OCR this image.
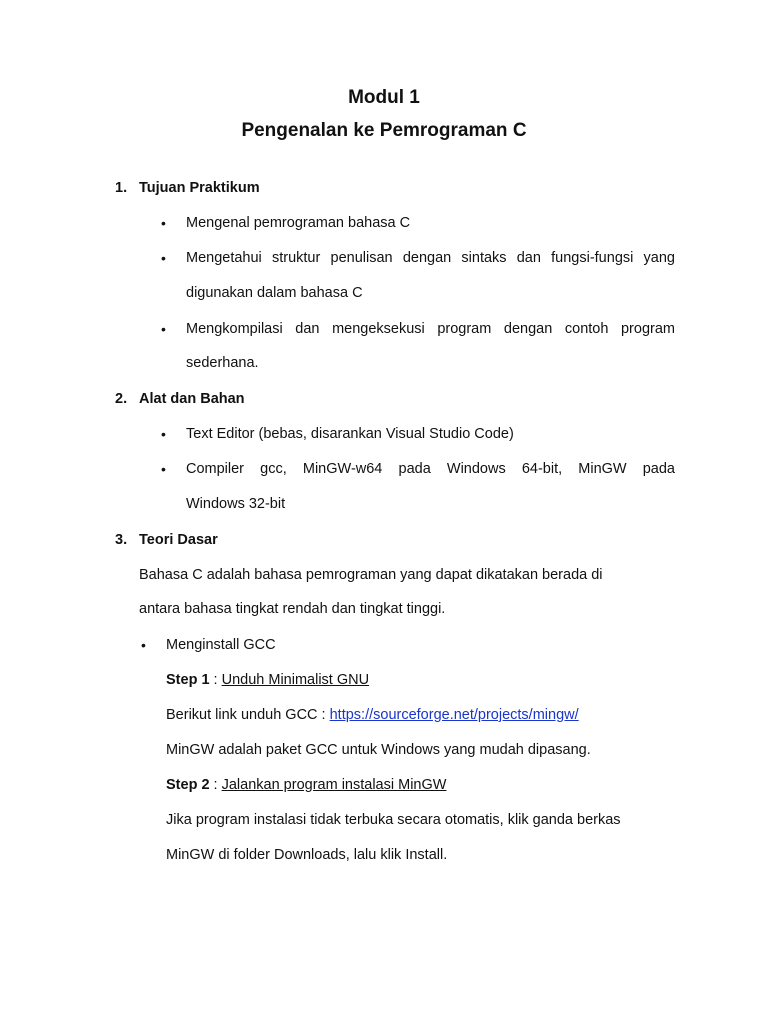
Modul 1
Pengenalan ke Pemrograman C
1. Tujuan Praktikum
• Mengenal pemrograman bahasa C
• Mengetahui struktur penulisan dengan sintaks dan fungsi-fungsi yang
digunakan dalam bahasa C
• Mengkompilasi dan mengeksekusi program dengan contoh program
sederhana.
2. Alat dan Bahan
• Text Editor (bebas, disarankan Visual Studio Code)
• Compiler gcc, MinGW-w64 pada Windows 64-bit, MinGW pada
Windows 32-bit
3. Teori Dasar
Bahasa C adalah bahasa pemrograman yang dapat dikatakan berada di
antara bahasa tingkat rendah dan tingkat tinggi.
• Menginstall GCC
Step 1 : Unduh Minimalist GNU
Berikut link unduh GCC : https://sourceforge.net/projects/mingw/
MinGW adalah paket GCC untuk Windows yang mudah dipasang.
Step 2 : Jalankan program instalasi MinGW
Jika program instalasi tidak terbuka secara otomatis, klik ganda berkas
MinGW di folder Downloads, lalu klik Install.
